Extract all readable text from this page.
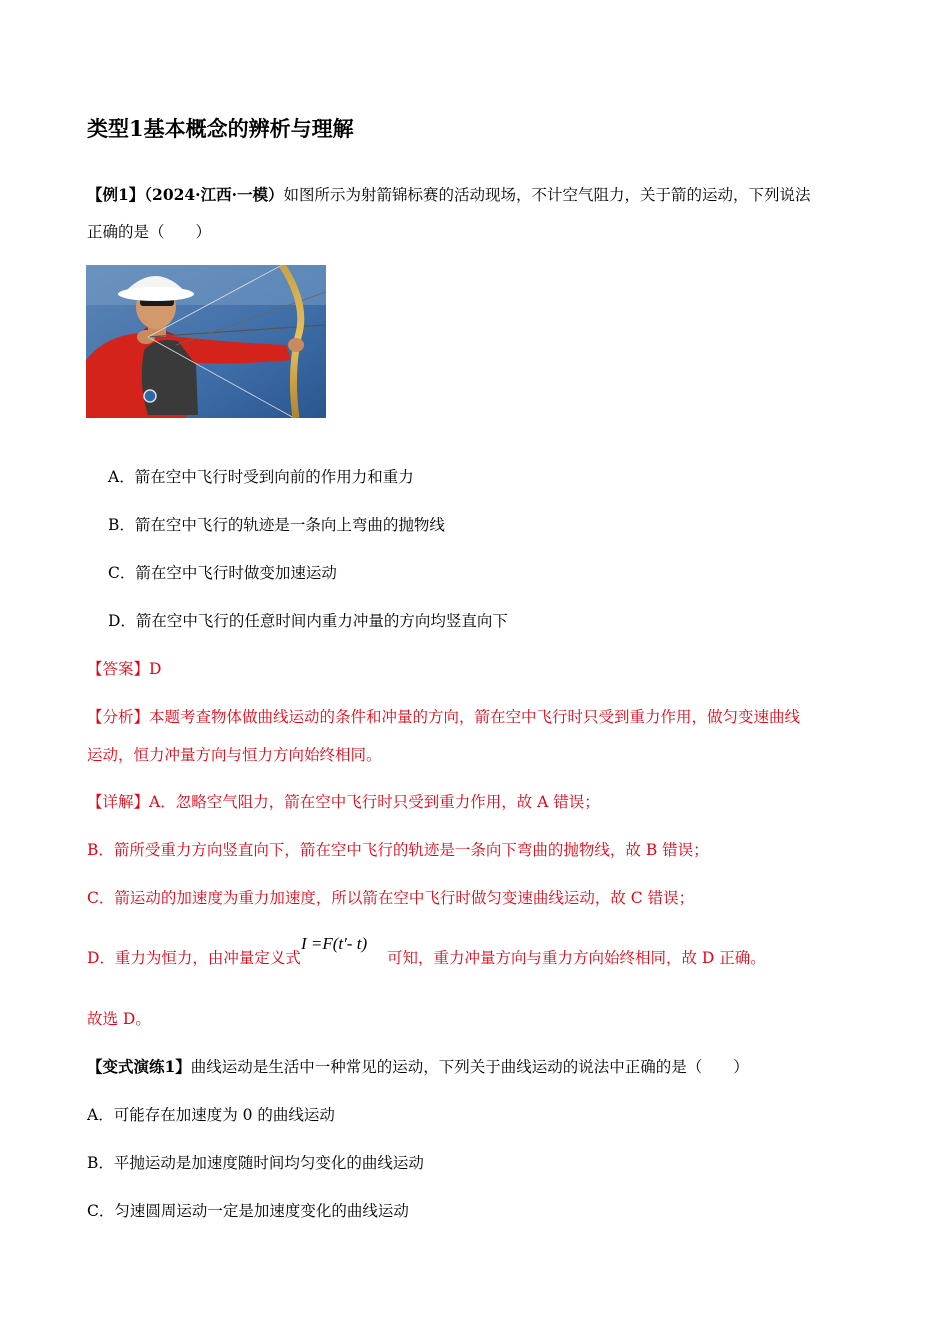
类型1基本概念的辨析与理解
【例1】（2024·江西·一模）如图所示为射箭锦标赛的活动现场，不计空气阻力，关于箭的运动，下列说法
正确的是（　　）
A．箭在空中飞行时受到向前的作用力和重力
B．箭在空中飞行的轨迹是一条向上弯曲的抛物线
C．箭在空中飞行时做变加速运动
D．箭在空中飞行的任意时间内重力冲量的方向均竖直向下
【答案】D
【分析】本题考查物体做曲线运动的条件和冲量的方向，箭在空中飞行时只受到重力作用，做匀变速曲线
运动，恒力冲量方向与恒力方向始终相同。
【详解】A．忽略空气阻力，箭在空中飞行时只受到重力作用，故 A 错误；
B．箭所受重力方向竖直向下，箭在空中飞行的轨迹是一条向下弯曲的抛物线，故 B 错误；
C．箭运动的加速度为重力加速度，所以箭在空中飞行时做匀变速曲线运动，故 C 错误；
D．重力为恒力，由冲量定义式I =F(t′- t)可知，重力冲量方向与重力方向始终相同，故 D 正确。
故选 D。
【变式演练1】曲线运动是生活中一种常见的运动，下列关于曲线运动的说法中正确的是（　　）
A．可能存在加速度为 0 的曲线运动
B．平抛运动是加速度随时间均匀变化的曲线运动
C．匀速圆周运动一定是加速度变化的曲线运动
